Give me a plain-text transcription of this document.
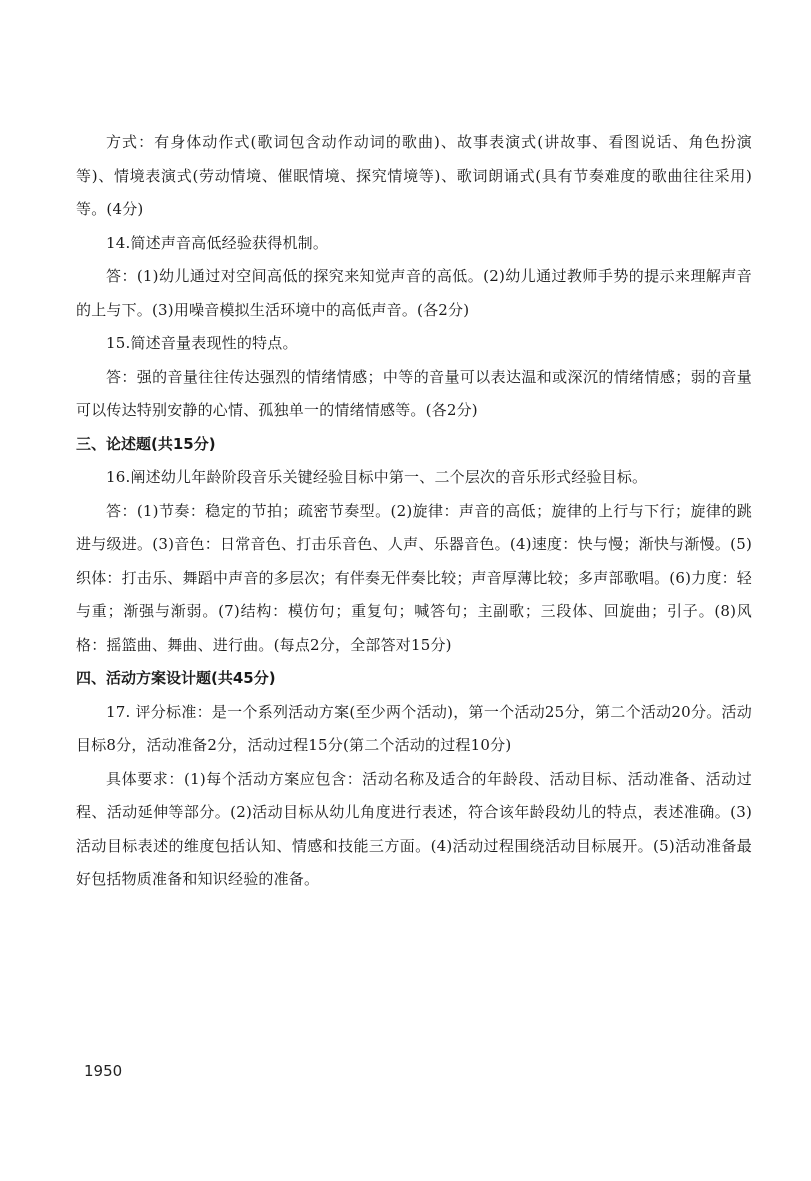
方式：有身体动作式(歌词包含动作动词的歌曲)、故事表演式(讲故事、看图说话、角色扮演等)、情境表演式(劳动情境、催眠情境、探究情境等)、歌词朗诵式(具有节奏难度的歌曲往往采用)等。(4分)

14.简述声音高低经验获得机制。

答：(1)幼儿通过对空间高低的探究来知觉声音的高低。(2)幼儿通过教师手势的提示来理解声音的上与下。(3)用噪音模拟生活环境中的高低声音。(各2分)

15.简述音量表现性的特点。

答：强的音量往往传达强烈的情绪情感；中等的音量可以表达温和或深沉的情绪情感；弱的音量可以传达特别安静的心情、孤独单一的情绪情感等。(各2分)

三、论述题(共15分)

16.阐述幼儿年龄阶段音乐关键经验目标中第一、二个层次的音乐形式经验目标。

答：(1)节奏：稳定的节拍；疏密节奏型。(2)旋律：声音的高低；旋律的上行与下行；旋律的跳进与级进。(3)音色：日常音色、打击乐音色、人声、乐器音色。(4)速度：快与慢；渐快与渐慢。(5)织体：打击乐、舞蹈中声音的多层次；有伴奏无伴奏比较；声音厚薄比较；多声部歌唱。(6)力度：轻与重；渐强与渐弱。(7)结构：模仿句；重复句；喊答句；主副歌；三段体、回旋曲；引子。(8)风格：摇篮曲、舞曲、进行曲。(每点2分，全部答对15分)

四、活动方案设计题(共45分)

17. 评分标准：是一个系列活动方案(至少两个活动)，第一个活动25分，第二个活动20分。活动目标8分，活动准备2分，活动过程15分(第二个活动的过程10分)

具体要求：(1)每个活动方案应包含：活动名称及适合的年龄段、活动目标、活动准备、活动过程、活动延伸等部分。(2)活动目标从幼儿角度进行表述，符合该年龄段幼儿的特点，表述准确。(3)活动目标表述的维度包括认知、情感和技能三方面。(4)活动过程围绕活动目标展开。(5)活动准备最好包括物质准备和知识经验的准备。

1950
